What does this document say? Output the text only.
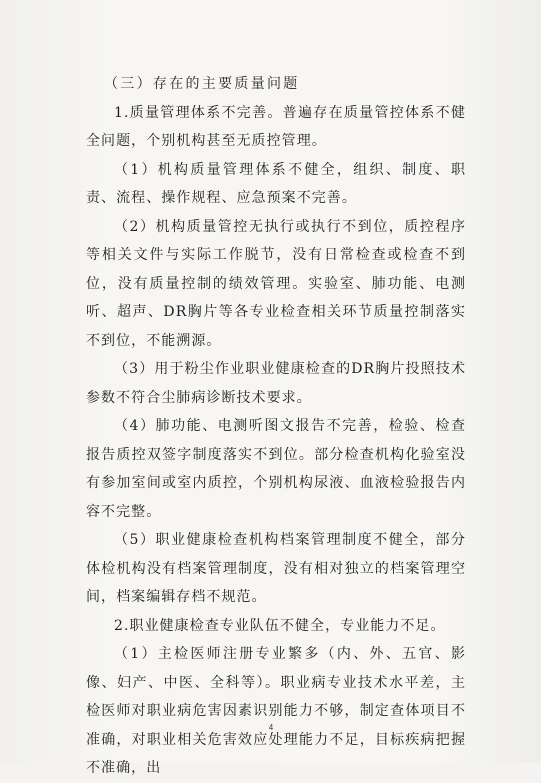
（三）存在的主要质量问题

1.质量管理体系不完善。普遍存在质量管控体系不健全问题，个别机构甚至无质控管理。

（1）机构质量管理体系不健全，组织、制度、职责、流程、操作规程、应急预案不完善。

（2）机构质量管控无执行或执行不到位，质控程序等相关文件与实际工作脱节，没有日常检查或检查不到位，没有质量控制的绩效管理。实验室、肺功能、电测听、超声、DR胸片等各专业检查相关环节质量控制落实不到位，不能溯源。

（3）用于粉尘作业职业健康检查的DR胸片投照技术参数不符合尘肺病诊断技术要求。

（4）肺功能、电测听图文报告不完善，检验、检查报告质控双签字制度落实不到位。部分检查机构化验室没有参加室间或室内质控，个别机构尿液、血液检验报告内容不完整。

（5）职业健康检查机构档案管理制度不健全，部分体检机构没有档案管理制度，没有相对独立的档案管理空间，档案编辑存档不规范。

2.职业健康检查专业队伍不健全，专业能力不足。

（1）主检医师注册专业繁多（内、外、五官、影像、妇产、中医、全科等）。职业病专业技术水平差，主检医师对职业病危害因素识别能力不够，制定查体项目不准确，对职业相关危害效应处理能力不足，目标疾病把握不准确，出

4
